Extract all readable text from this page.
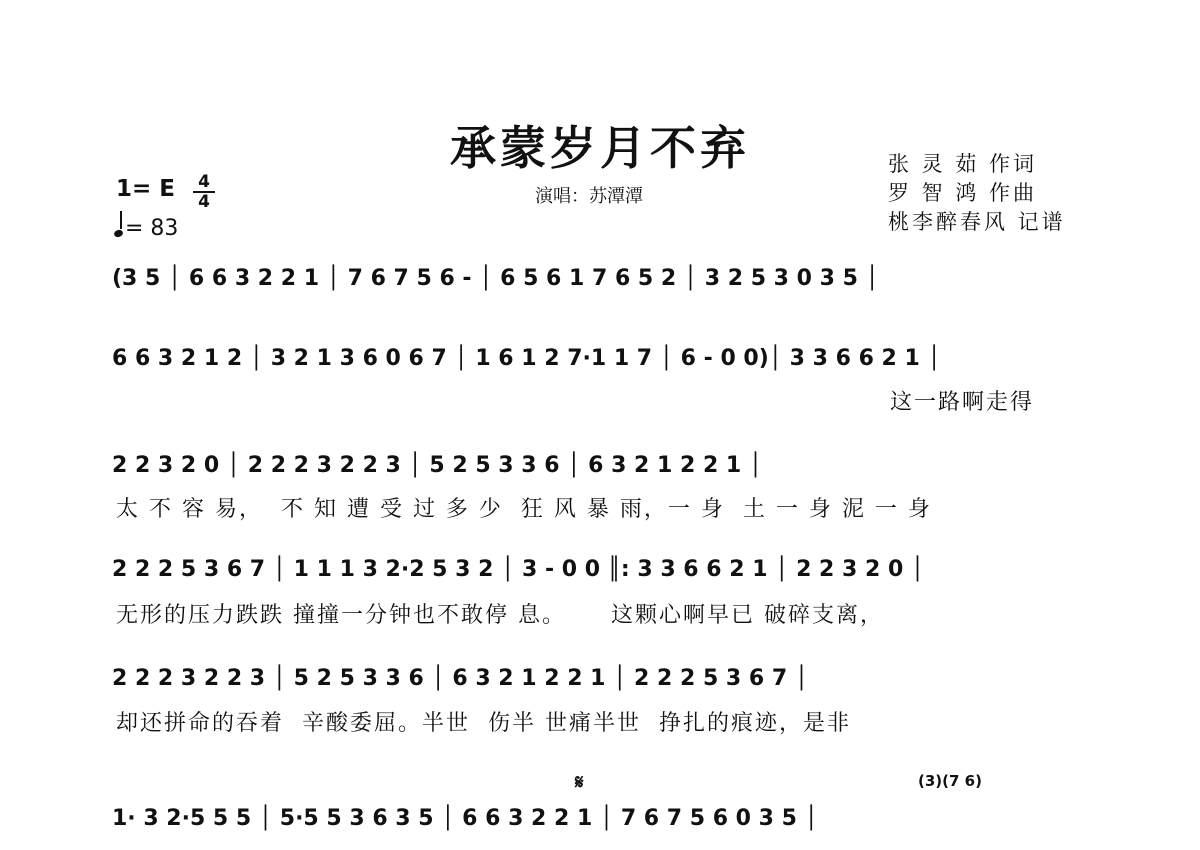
承蒙岁月不弃
演唱：苏潭潭
张 灵 茹 作词
罗 智 鸿 作曲
桃李醉春风 记谱
1= E 4
4
= 83
(3 5 │ 6 6 3 2 2 1 │ 7 6 7 5 6 - │ 6 5 6 1 7 6 5 2 │ 3 2 5 3 0 3 5 │
6 6 3 2 1 2 │ 3 2 1 3 6 0 6 7 │ 1 6 1 2 7·1 1 7 │ 6 - 0 0)│ 3 3 6 6 2 1 │
这一路啊走得
2 2 3 2 0 │ 2 2 2 3 2 2 3 │ 5 2 5 3 3 6 │ 6 3 2 1 2 2 1 │
太 不 容 易，  不 知 遭 受 过 多 少  狂 风 暴 雨，一 身  土 一 身 泥 一 身
2 2 2 5 3 6 7 │ 1 1 1 3 2·2 5 3 2 │ 3 - 0 0 ║: 3 3 6 6 2 1 │ 2 2 3 2 0 │
无形的压力跌跌 撞撞一分钟也不敢停 息。     这颗心啊早已 破碎支离，
2 2 2 3 2 2 3 │ 5 2 5 3 3 6 │ 6 3 2 1 2 2 1 │ 2 2 2 5 3 6 7 │
却还拼命的吞着  辛酸委屈。半世  伤半 世痛半世  挣扎的痕迹，是非
𝄋	(3)(7 6)
1· 3 2·5 5 5 │ 5·5 5 3 6 3 5 │ 6 6 3 2 2 1 │ 7 6 7 5 6 0 3 5 │
